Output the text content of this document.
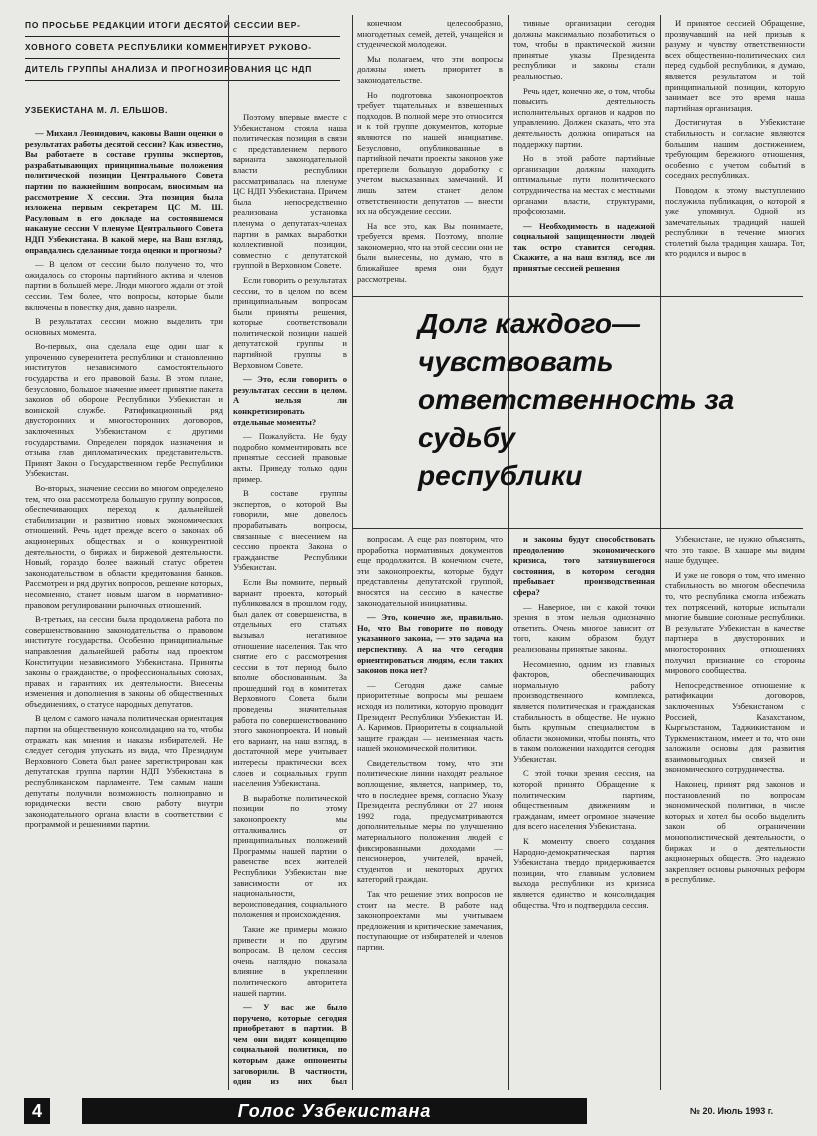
ПО ПРОСЬБЕ РЕДАКЦИИ ИТОГИ ДЕСЯТОЙ СЕССИИ ВЕР-
ХОВНОГО СОВЕТА РЕСПУБЛИКИ КОММЕНТИРУЕТ РУКОВО-
ДИТЕЛЬ ГРУППЫ АНАЛИЗА И ПРОГНОЗИРОВАНИЯ ЦС НДП
УЗБЕКИСТАНА М. Л. ЕЛЬШОВ.

— Михаил Леонидович, каковы Ваши оценки о результатах работы десятой сессии? Как известно, Вы работаете в составе группы экспертов, разрабатывающих принципиальные положения политической позиции Центрального Совета партии по важнейшим вопросам, вносимым на рассмотрение X сессии. Эта позиция была изложена первым секретарем ЦС М. Ш. Расуловым в его докладе на состоявшемся накануне сессии V пленуме Центрального Совета НДП Узбекистана. В какой мере, на Ваш взгляд, оправдались сделанные тогда оценки и прогнозы?

— В целом от сессии было получено то, что ожидалось со стороны партийного актива и членов партии в большей мере. Люди многого ждали от этой сессии. Тем более, что вопросы, которые были включены в повестку дня, давно назрели.

В результатах сессии можно выделить три основных момента.

Во-первых, она сделала еще один шаг к упрочению суверенитета республики и становлению институтов независимого самостоятельного государства и его правовой базы. В этом плане, безусловно, большое значение имеет принятие пакета законов об обороне Республики Узбекистан и воинской службе. Ратификационный ряд двусторонних и многосторонних договоров, заключенных Узбекистаном с другими государствами. Определен порядок назначения и отзыва глав дипломатических представительств. Принят Закон о Государственном гербе Республики Узбекистан.

Во-вторых, значение сессии во многом определено тем, что она рассмотрела большую группу вопросов, обеспечивающих переход к дальнейшей стабилизации и развитию новых экономических отношений. Речь идет прежде всего о законах об акционерных обществах и о конкурентной деятельности, о биржах и биржевой деятельности. Новый, гораздо более важный статус обретен законодательством в области кредитования банков. Рассмотрен и ряд других вопросов, решение которых, несомненно, станет новым шагом в нормативно-правовом регулировании рыночных отношений.

В-третьих, на сессии была продолжена работа по совершенствованию законодательства о правовом институте государства. Особенно принципиальные направления дальнейшей работы над проектом Конституции независимого Узбекистана. Приняты законы о гражданстве, о профессиональных союзах, правах и гарантиях их деятельности. Внесены изменения и дополнения в законы об общественных объединениях, о статусе народных депутатов.

В целом с самого начала политическая ориентация партии на общественную консолидацию на то, чтобы отражать как мнения и наказы избирателей. Не следует сегодня упускать из вида, что Президиум Верховного Совета был ранее зарегистрирован как депутатская группа партии НДП Узбекистана в республиканском парламенте. Тем самым наши депутаты получили возможность полноправно и юридически вести свою работу внутри законодательного органа власти в соответствии с программой и решениями партии.

Поэтому впервые вместе с Узбекистаном стояла наша политическая позиция в связи с представлением первого варианта законодательной власти республики рассматривалась на пленуме ЦС НДП Узбекистана. Причем была непосредственно реализована установка пленума о депутатах-членах партии в рамках выработки коллективной позиции, совместно с депутатской группой в Верховном Совете.

Если говорить о результатах сессии, то в целом по всем принципиальным вопросам были приняты решения, которые соответствовали политической позиции нашей депутатской группы и партийной группы в Верховном Совете.

— Это, если говорить о результатах сессии в целом. А нельзя ли конкретизировать отдельные моменты?

— Пожалуйста. Не буду подробно комментировать все принятые сессией правовые акты. Приведу только один пример.

В составе группы экспертов, о которой Вы говорили, мне довелось прорабатывать вопросы, связанные с внесением на сессию проекта Закона о гражданстве Республики Узбекистан.

Если Вы помните, первый вариант проекта, который публиковался в прошлом году, был далек от совершенства, в отдельных его статьях вызывал негативное отношение населения. Так что снятие его с рассмотрения сессии в тот период было вполне обоснованным. За прошедший год в комитетах Верховного Совета были проведены значительная работа по совершенствованию этого законопроекта. И новый его вариант, на наш взгляд, в достаточной мере учитывает интересы практически всех слоев и социальных групп населения Узбекистана.

В выработке политической позиции по этому законопроекту мы отталкивались от принципиальных положений Программы нашей партии о равенстве всех жителей Республики Узбекистан вне зависимости от их национальности, вероисповедания, социального положения и происхождения.

Такие же примеры можно привести и по другим вопросам. В целом сессия очень наглядно показала влияние в укреплении политического авторитета нашей партии.

— У вас же было поручено, которые сегодня приобретают в партии. В чем они видят концепцию социальной политики, по которым даже оппоненты заговорили. В частности, один из них был

конечном целесообразно, многодетных семей, детей, учащейся и студенческой молодежи.

Мы полагаем, что эти вопросы должны иметь приоритет в законодательстве.

Но подготовка законопроектов требует тщательных и взвешенных подходов. В полной мере это относится и к той группе документов, которые являются по нашей инициативе. Безусловно, опубликованные в партийной печати проекты законов уже претерпели большую доработку с учетом высказанных замечаний. И лишь затем станет делом ответственности депутатов — внести их на обсуждение сессии.

На все это, как Вы понимаете, требуется время. Поэтому, вполне закономерно, что на этой сессии они не были вынесены, но думаю, что в ближайшее время они будут рассмотрены.

тивные организации сегодня должны максимально позаботиться о том, чтобы в практической жизни принятые указы Президента республики и законы стали реальностью.

Речь идет, конечно же, о том, чтобы повысить деятельность исполнительных органов и кадров по управлению. Должен сказать, что эта деятельность должна опираться на поддержку партии.

Но в этой работе партийные организации должны находить оптимальные пути политического сотрудничества на местах с местными органами власти, структурами, профсоюзами.

— Необходимость в надежной социальной защищенности людей так остро ставится сегодня. Скажите, а на ваш взгляд, все ли принятые сессией решения

И принятое сессией Обращение, прозвучавший на ней призыв к разуму и чувству ответственности всех общественно-политических сил перед судьбой республики, я думаю, является результатом и той принципиальной позиции, которую занимает все это время наша партийная организация.

Достигнутая в Узбекистане стабильность и согласие являются большим нашим достижением, требующим бережного отношения, особенно с учетом событий в соседних республиках.

Поводом к этому выступлению послужила публикация, о которой я уже упомянул. Одной из замечательных традиций нашей республики в течение многих столетий была традиция хашара. Тот, кто родился и вырос в

Долг каждого—чувствовать
ответственность за судьбу
республики

вопросам. А еще раз повторим, что проработка нормативных документов еще продолжится. В конечном счете, эти законопроекты, которые будут представлены депутатской группой, вносятся на сессию в качестве законодательной инициативы.

— Это, конечно же, правильно. Но, что Вы говорите по поводу указанного закона, — это задача на перспективу. А на что сегодня ориентироваться людям, если таких законов пока нет?

— Сегодня даже самые приоритетные вопросы мы решаем исходя из политики, которую проводит Президент Республики Узбекистан И. А. Каримов. Приоритеты в социальной защите граждан — неизменная часть нашей экономической политики.

Свидетельством тому, что эти политические линии находят реальное воплощение, является, например, то, что в последнее время, согласно Указу Президента республики от 27 июня 1992 года, предусматриваются дополнительные меры по улучшению материального положения людей с фиксированными доходами — пенсионеров, учителей, врачей, студентов и некоторых других категорий граждан.

Так что решение этих вопросов не стоит на месте. В работе над законопроектами мы учитываем предложения и критические замечания, поступающие от избирателей и членов партии.

и законы будут способствовать преодолению экономического кризиса, того затянувшегося состояния, в котором сегодня пребывает производственная сфера?

— Наверное, ни с какой точки зрения в этом нельзя однозначно ответить. Очень многое зависит от того, каким образом будут реализованы принятые законы.

Несомненно, одним из главных факторов, обеспечивающих нормальную работу производственного комплекса, является политическая и гражданская стабильность в обществе. Не нужно быть крупным специалистом в области экономики, чтобы понять, что в таком положении находится сегодня Узбекистан.

С этой точки зрения сессия, на которой принято Обращение к политическим партиям, общественным движениям и гражданам, имеет огромное значение для всего населения Узбекистана.

К моменту своего создания Народно-демократическая партия Узбекистана твердо придерживается позиции, что главным условием выхода республики из кризиса является единство и консолидация общества. Что и подтвердила сессия.

Узбекистане, не нужно объяснять, что это такое. В хашаре мы видим наше будущее.

И уже не говоря о том, что именно стабильность во многом обеспечила то, что республика смогла избежать тех потрясений, которые испытали многие бывшие союзные республики. В результате Узбекистан в качестве партнера в двусторонних и многосторонних отношениях получил признание со стороны мирового сообщества.

Непосредственное отношение к ратификации договоров, заключенных Узбекистаном с Россией, Казахстаном, Кыргызстаном, Таджикистаном и Туркменистаном, имеет и то, что они заложили основы для развития взаимовыгодных связей и экономического сотрудничества.

Наконец, принят ряд законов и постановлений по вопросам экономической политики, в числе которых и хотел бы особо выделить закон об ограничении монополистической деятельности, о биржах и о деятельности акционерных обществ. Это надежно закрепляет основы рыночных реформ в республике.

4	Голос Узбекистана	№ 20. Июль 1993 г.
